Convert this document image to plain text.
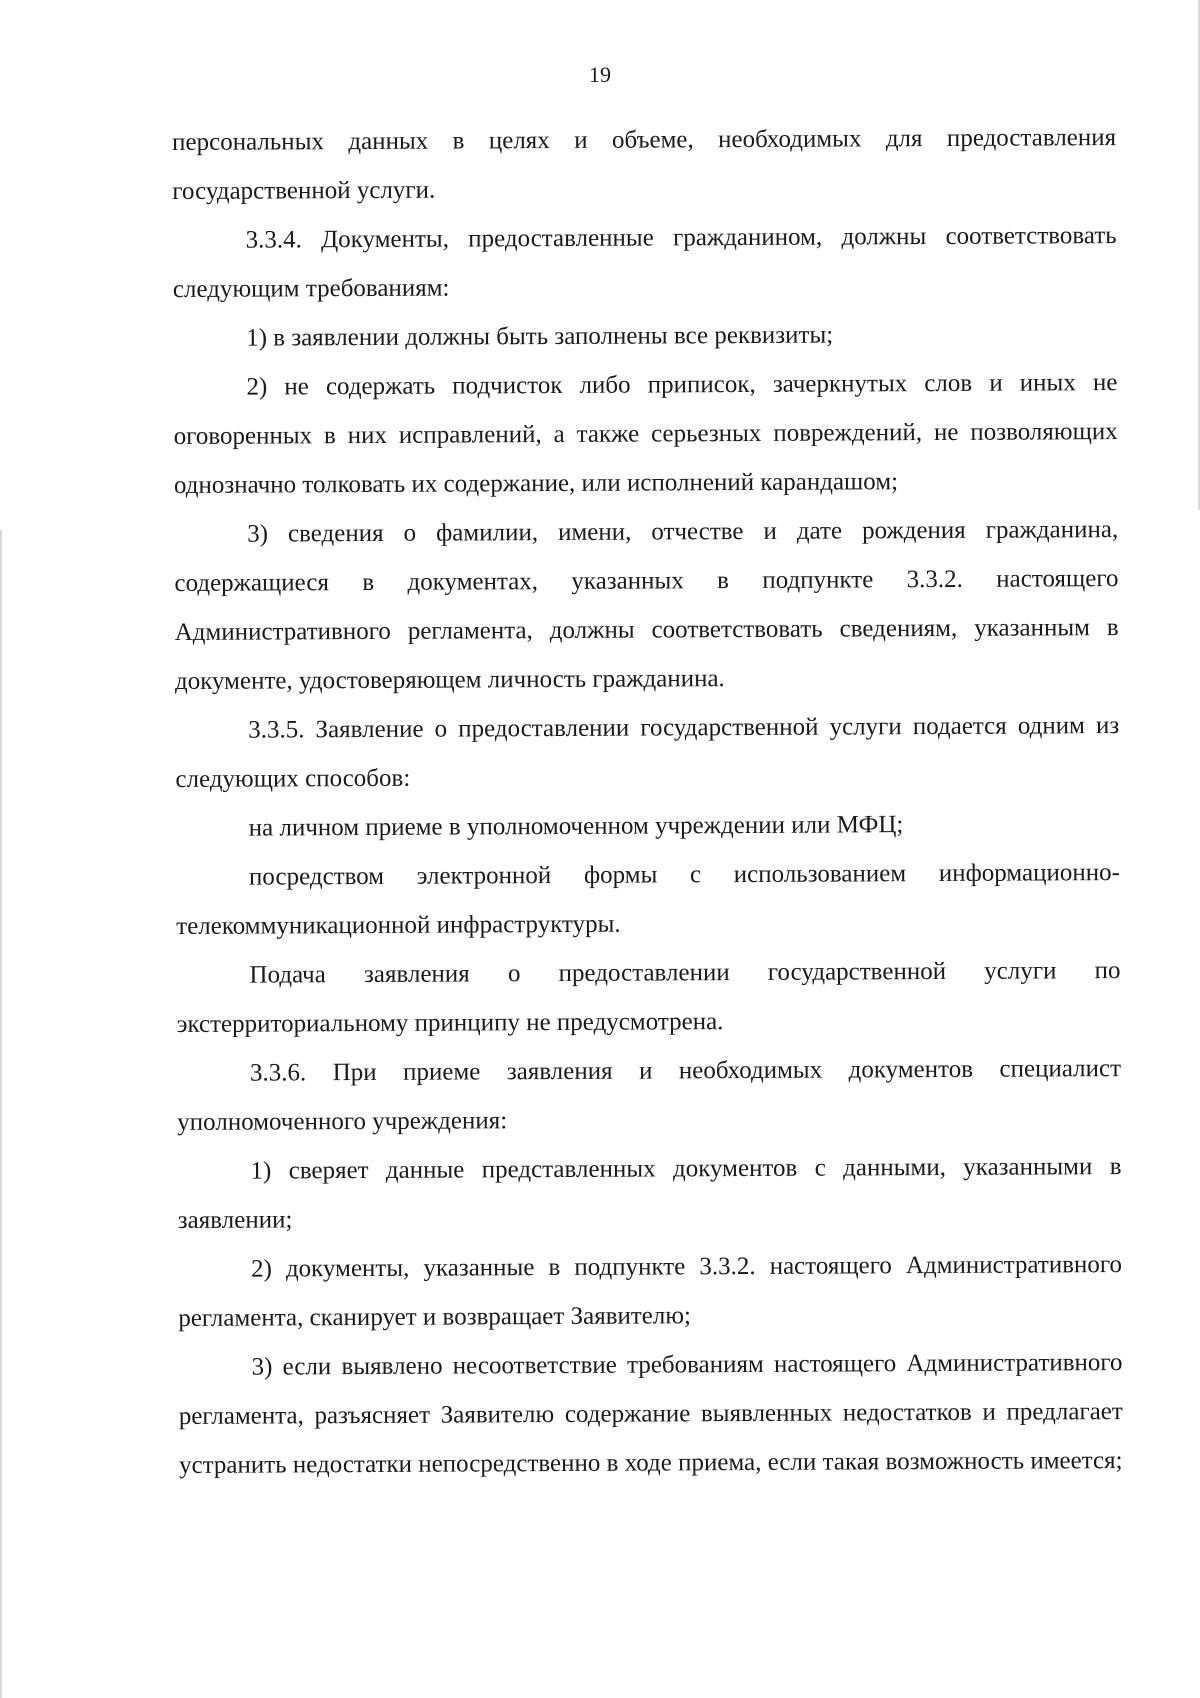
19

персональных данных в целях и объеме, необходимых для предоставления государственной услуги.

3.3.4. Документы, предоставленные гражданином, должны соответствовать следующим требованиям:

1) в заявлении должны быть заполнены все реквизиты;

2) не содержать подчисток либо приписок, зачеркнутых слов и иных не оговоренных в них исправлений, а также серьезных повреждений, не позволяющих однозначно толковать их содержание, или исполнений карандашом;

3) сведения о фамилии, имени, отчестве и дате рождения гражданина, содержащиеся в документах, указанных в подпункте 3.3.2. настоящего Административного регламента, должны соответствовать сведениям, указанным в документе, удостоверяющем личность гражданина.

3.3.5. Заявление о предоставлении государственной услуги подается одним из следующих способов:

на личном приеме в уполномоченном учреждении или МФЦ;

посредством электронной формы с использованием информационно-телекоммуникационной инфраструктуры.

Подача заявления о предоставлении государственной услуги по экстерриториальному принципу не предусмотрена.

3.3.6. При приеме заявления и необходимых документов специалист уполномоченного учреждения:

1) сверяет данные представленных документов с данными, указанными в заявлении;

2) документы, указанные в подпункте 3.3.2. настоящего Административного регламента, сканирует и возвращает Заявителю;

3) если выявлено несоответствие требованиям настоящего Административного регламента, разъясняет Заявителю содержание выявленных недостатков и предлагает устранить недостатки непосредственно в ходе приема, если такая возможность имеется;
